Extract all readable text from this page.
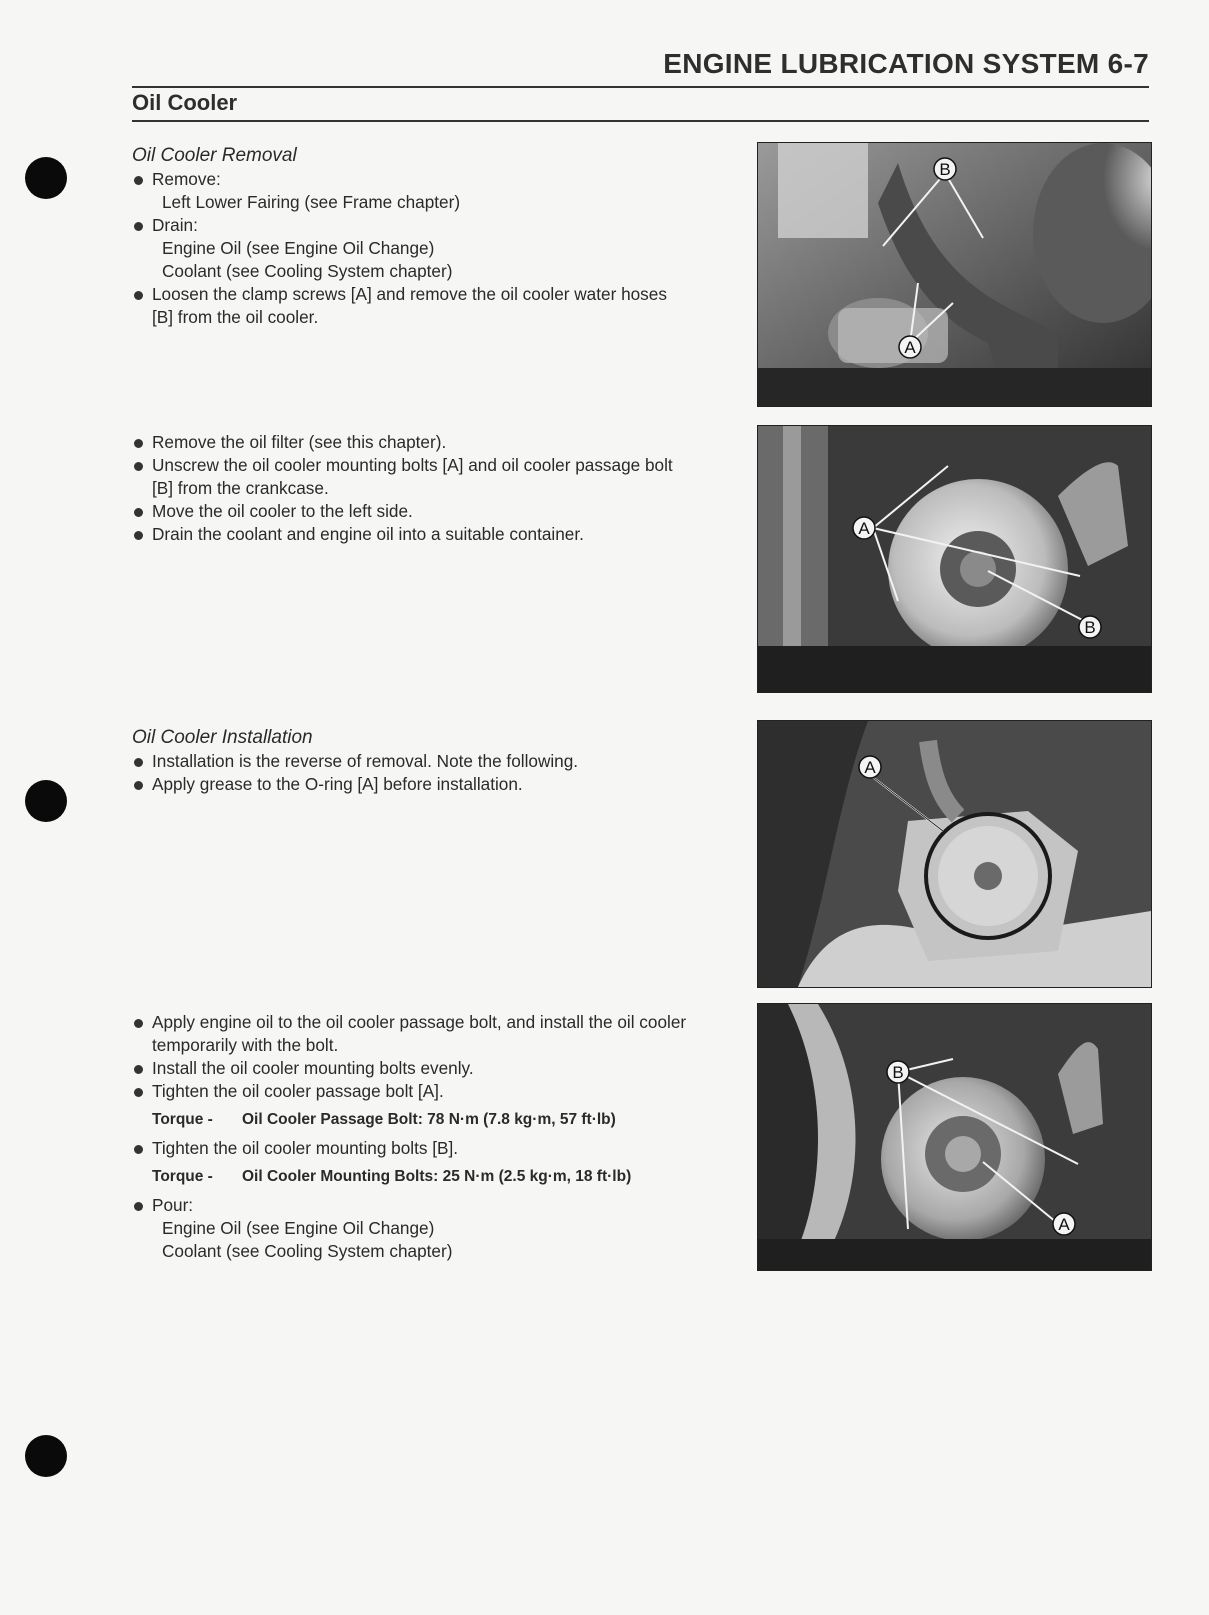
ENGINE LUBRICATION SYSTEM 6-7
Oil Cooler
Oil Cooler Removal
Remove:
Left Lower Fairing (see Frame chapter)
Drain:
Engine Oil (see Engine Oil Change)
Coolant (see Cooling System chapter)
Loosen the clamp screws [A] and remove the oil cooler water hoses
[B] from the oil cooler.
Remove the oil filter (see this chapter).
Unscrew the oil cooler mounting bolts [A] and oil cooler passage bolt
[B] from the crankcase.
Move the oil cooler to the left side.
Drain the coolant and engine oil into a suitable container.
Oil Cooler Installation
Installation is the reverse of removal. Note the following.
Apply grease to the O-ring [A] before installation.
Apply engine oil to the oil cooler passage bolt, and install the oil cooler
temporarily with the bolt.
Install the oil cooler mounting bolts evenly.
Tighten the oil cooler passage bolt [A].
Torque - Oil Cooler Passage Bolt: 78 N·m (7.8 kg·m, 57 ft·lb)
Tighten the oil cooler mounting bolts [B].
Torque - Oil Cooler Mounting Bolts: 25 N·m (2.5 kg·m, 18 ft·lb)
Pour:
Engine Oil (see Engine Oil Change)
Coolant (see Cooling System chapter)
B
A
A
B
A
B
A
